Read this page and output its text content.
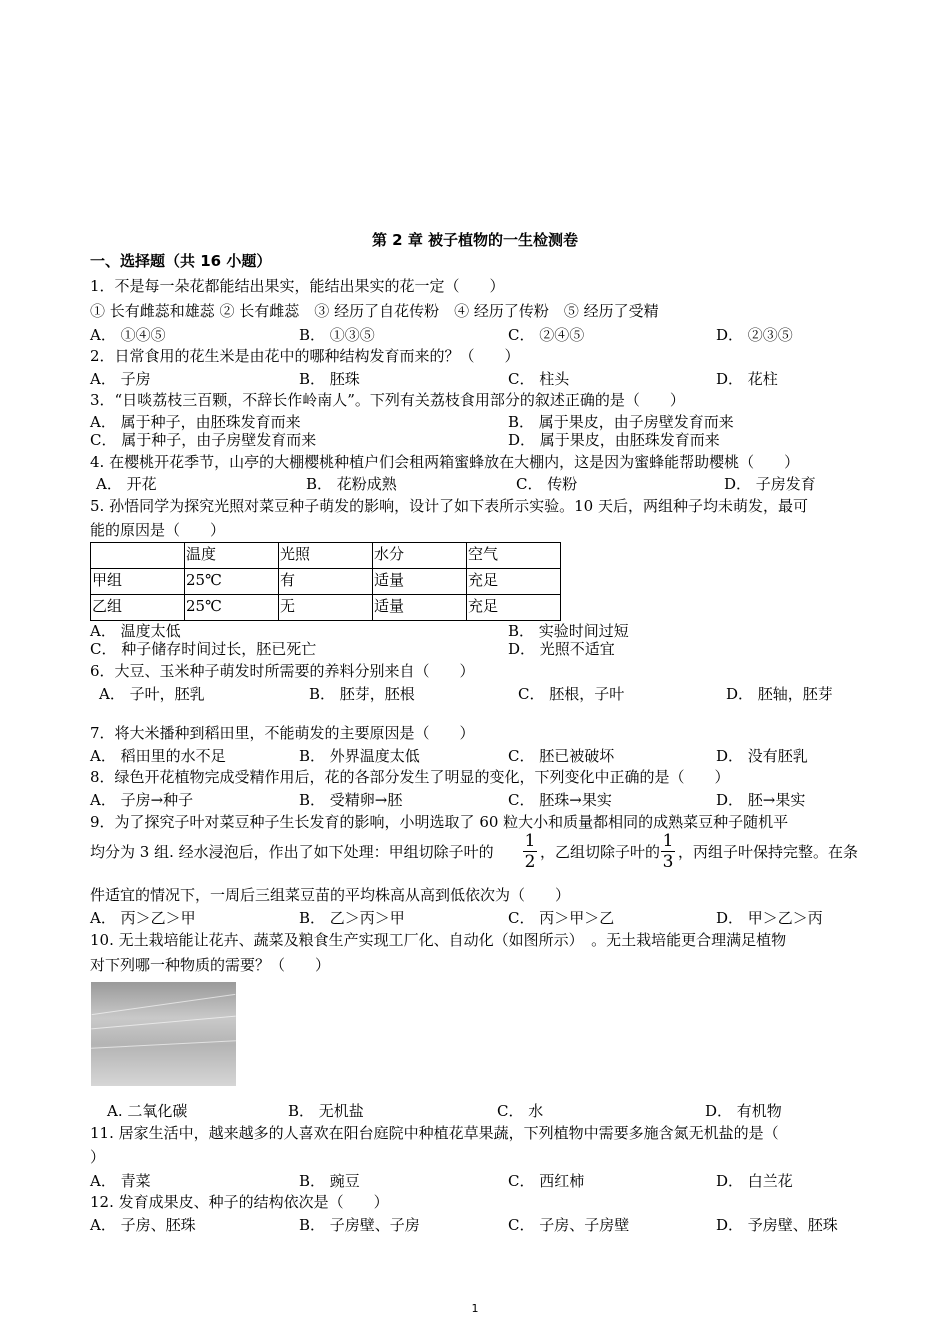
第 2 章 被子植物的一生检测卷
一、选择题（共 16 小题）
1．不是每一朵花都能结出果实，能结出果实的花一定（　　）
① 长有雌蕊和雄蕊 ② 长有雌蕊　③ 经历了自花传粉　④ 经历了传粉　⑤ 经历了受精
A． ①④⑤	B． ①③⑤	C． ②④⑤	D． ②③⑤
2．日常食用的花生米是由花中的哪种结构发育而来的？（　　）
A． 子房	B． 胚珠	C． 柱头	D． 花柱
3．“日啖荔枝三百颗，不辞长作岭南人”。下列有关荔枝食用部分的叙述正确的是（　　）
A． 属于种子，由胚珠发育而来	B． 属于果皮，由子房壁发育而来
C． 属于种子，由子房壁发育而来	D． 属于果皮，由胚珠发育而来
4. 在樱桃开花季节，山亭的大棚樱桃种植户们会租两箱蜜蜂放在大棚内，这是因为蜜蜂能帮助樱桃（　　）
A． 开花	B． 花粉成熟	C． 传粉	D． 子房发育
5. 孙悟同学为探究光照对菜豆种子萌发的影响，设计了如下表所示实验。10 天后，两组种子均未萌发，最可
能的原因是（　　）
	温度	光照	水分	空气
甲组	25℃	有	适量	充足
乙组	25℃	无	适量	充足
A． 温度太低	B． 实验时间过短
C． 种子储存时间过长，胚已死亡	D． 光照不适宜
6．大豆、玉米种子萌发时所需要的养料分别来自（　　）
A． 子叶，胚乳	B． 胚芽，胚根	C． 胚根，子叶	D． 胚轴，胚芽
7．将大米播种到稻田里，不能萌发的主要原因是（　　）
A． 稻田里的水不足	B． 外界温度太低	C． 胚已被破坏	D． 没有胚乳
8．绿色开花植物完成受精作用后，花的各部分发生了明显的变化，下列变化中正确的是（　　）
A． 子房→种子	B． 受精卵→胚	C． 胚珠→果实	D． 胚→果实
9．为了探究子叶对菜豆种子生长发育的影响，小明选取了 60 粒大小和质量都相同的成熟菜豆种子随机平
均分为 3 组. 经水浸泡后，作出了如下处理：甲组切除子叶的
1
2 ，乙组切除子叶的
1
3 ，丙组子叶保持完整。在条
件适宜的情况下，一周后三组菜豆苗的平均株高从高到低依次为（　　）
A． 丙＞乙＞甲	B． 乙＞丙＞甲	C． 丙＞甲＞乙	D． 甲＞乙＞丙
10. 无土栽培能让花卉、蔬菜及粮食生产实现工厂化、自动化（如图所示）　。无土栽培能更合理满足植物
对下列哪一种物质的需要？（　　）
A. 二氧化碳	B． 无机盐	C． 水	D． 有机物
11. 居家生活中，越来越多的人喜欢在阳台庭院中种植花草果蔬，下列植物中需要多施含氮无机盐的是（
）
A． 青菜	B． 豌豆	C． 西红柿	D． 白兰花
12. 发育成果皮、种子的结构依次是（　　）
A． 子房、胚珠	B． 子房壁、子房	C． 子房、子房壁	D． 予房壁、胚珠
1
